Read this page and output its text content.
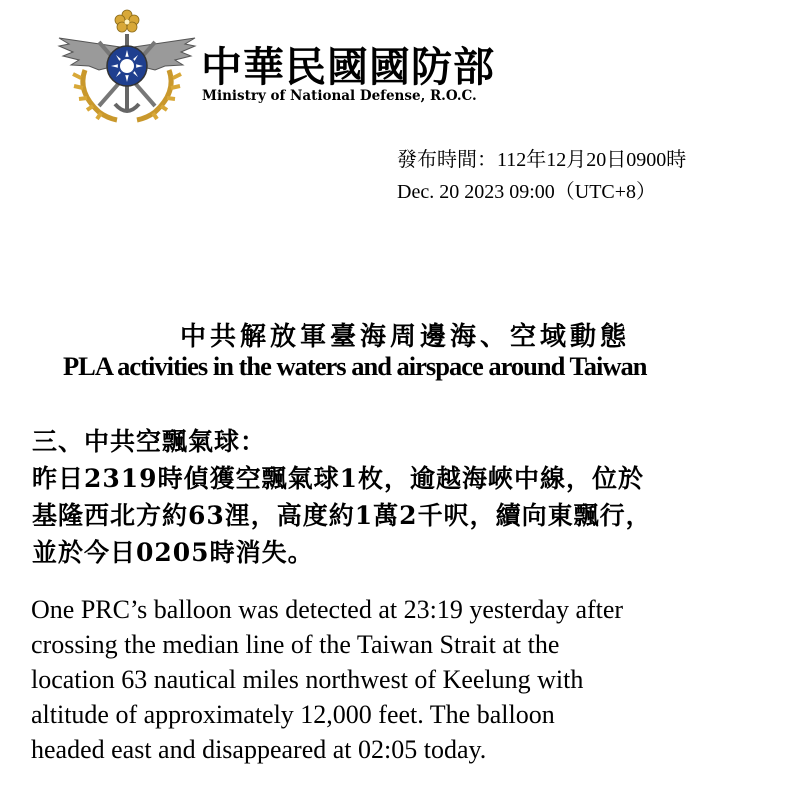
中華民國國防部
Ministry of National Defense, R.O.C.
發布時間：112年12月20日0900時
Dec. 20 2023 09:00（UTC+8）
中共解放軍臺海周邊海、空域動態
PLA activities in the waters and airspace around Taiwan
三、中共空飄氣球：
昨日2319時偵獲空飄氣球1枚，逾越海峽中線，位於
基隆西北方約63浬，高度約1萬2千呎，續向東飄行，
並於今日0205時消失。
One PRC’s balloon was detected at 23:19 yesterday after
crossing the median line of the Taiwan Strait at the
location 63 nautical miles northwest of Keelung with
altitude of approximately 12,000 feet. The balloon
headed east and disappeared at 02:05 today.
